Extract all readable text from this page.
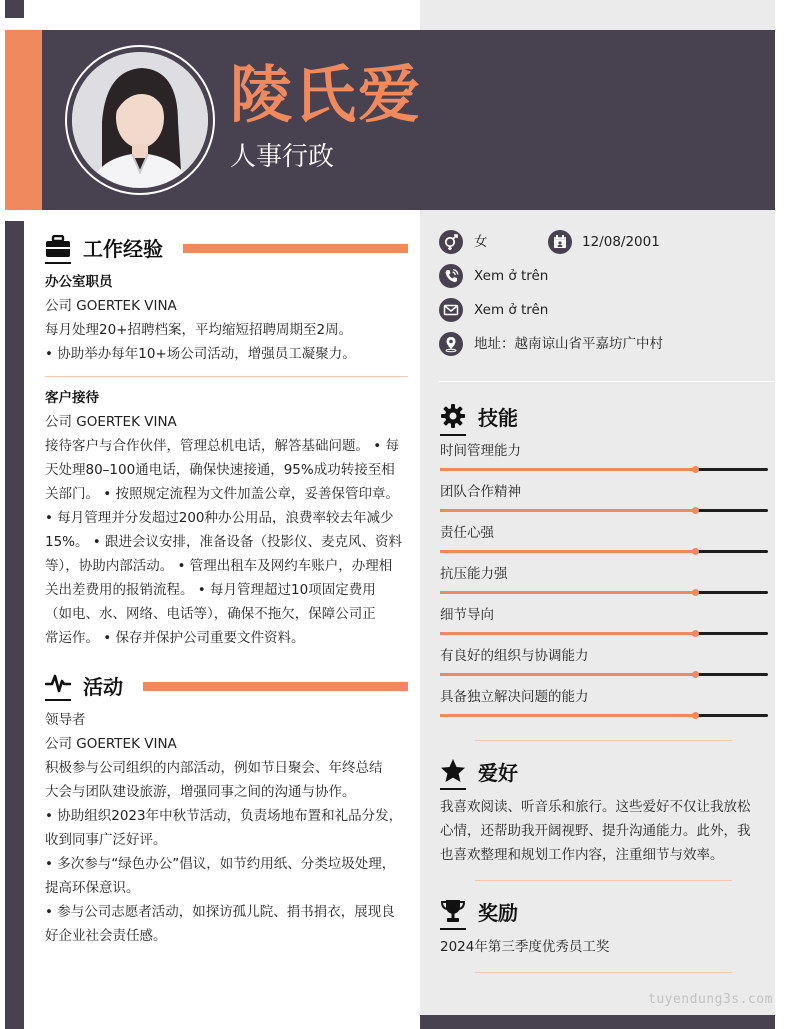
陵氏爱
人事行政
工作经验
办公室职员
公司 GOERTEK VINA
每月处理20+招聘档案，平均缩短招聘周期至2周。
• 协助举办每年10+场公司活动，增强员工凝聚力。
客户接待
公司 GOERTEK VINA
接待客户与合作伙伴，管理总机电话，解答基础问题。 • 每
天处理80–100通电话，确保快速接通，95%成功转接至相
关部门。 • 按照规定流程为文件加盖公章，妥善保管印章。
• 每月管理并分发超过200种办公用品，浪费率较去年减少
15%。 • 跟进会议安排，准备设备（投影仪、麦克风、资料
等），协助内部活动。 • 管理出租车及网约车账户，办理相
关出差费用的报销流程。 • 每月管理超过10项固定费用
（如电、水、网络、电话等），确保不拖欠，保障公司正
常运作。 • 保存并保护公司重要文件资料。
活动
领导者
公司 GOERTEK VINA
积极参与公司组织的内部活动，例如节日聚会、年终总结
大会与团队建设旅游，增强同事之间的沟通与协作。
• 协助组织2023年中秋节活动，负责场地布置和礼品分发，
收到同事广泛好评。
• 多次参与“绿色办公”倡议，如节约用纸、分类垃圾处理，
提高环保意识。
• 参与公司志愿者活动，如探访孤儿院、捐书捐衣，展现良
好企业社会责任感。
女	12/08/2001
Xem ở trên
Xem ở trên
地址：越南谅山省平嘉坊广中村
技能
时间管理能力
团队合作精神
责任心强
抗压能力强
细节导向
有良好的组织与协调能力
具备独立解决问题的能力
爱好
我喜欢阅读、听音乐和旅行。这些爱好不仅让我放松
心情，还帮助我开阔视野、提升沟通能力。此外，我
也喜欢整理和规划工作内容，注重细节与效率。
奖励
2024年第三季度优秀员工奖
tuyendung3s.com
